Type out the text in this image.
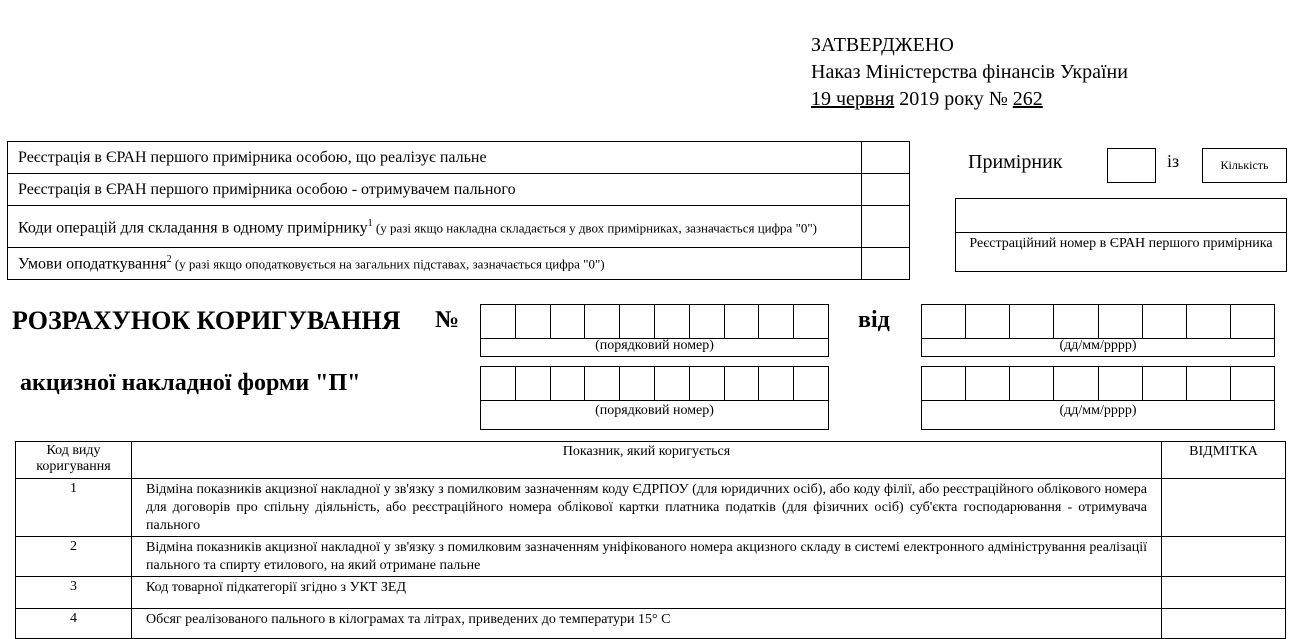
ЗАТВЕРДЖЕНО
Наказ Міністерства фінансів України
19 червня 2019 року № 262
Реєстрація в ЄРАН першого примірника особою, що реалізує пальне	
Реєстрація в ЄРАН першого примірника особою - отримувачем пального	
Коди операцій для складання в одному примірнику$^1$ (у разі якщо накладна складається у двох примірниках, зазначається цифра "0")	
Умови оподаткування$^2$ (у разі якщо оподатковується на загальних підставах, зазначається цифра "0")	
Примірник	із	Кількість
Реєстраційний номер в ЄРАН першого примірника
РОЗРАХУНОК КОРИГУВАННЯ №
(порядковий номер)
від
(дд/мм/рррр)
акцизної накладної форми "П"
(порядковий номер)	(дд/мм/рррр)
Код виду коригування	Показник, який коригується	ВІДМІТКА
1	Відміна показників акцизної накладної у зв'язку з помилковим зазначенням коду ЄДРПОУ (для юридичних осіб), або коду філії, або реєстраційного облікового номера для договорів про спільну діяльність, або реєстраційного номера облікової картки платника податків (для фізичних осіб) суб'єкта господарювання - отримувача пального	
2	Відміна показників акцизної накладної у зв'язку з помилковим зазначенням уніфікованого номера акцизного складу в системі електронного адміністрування реалізації пального та спирту етилового, на який отримане пальне	
3	Код товарної підкатегорії згідно з УКТ ЗЕД	
4	Обсяг реалізованого пального в кілограмах та літрах, приведених до температури 15° С	
